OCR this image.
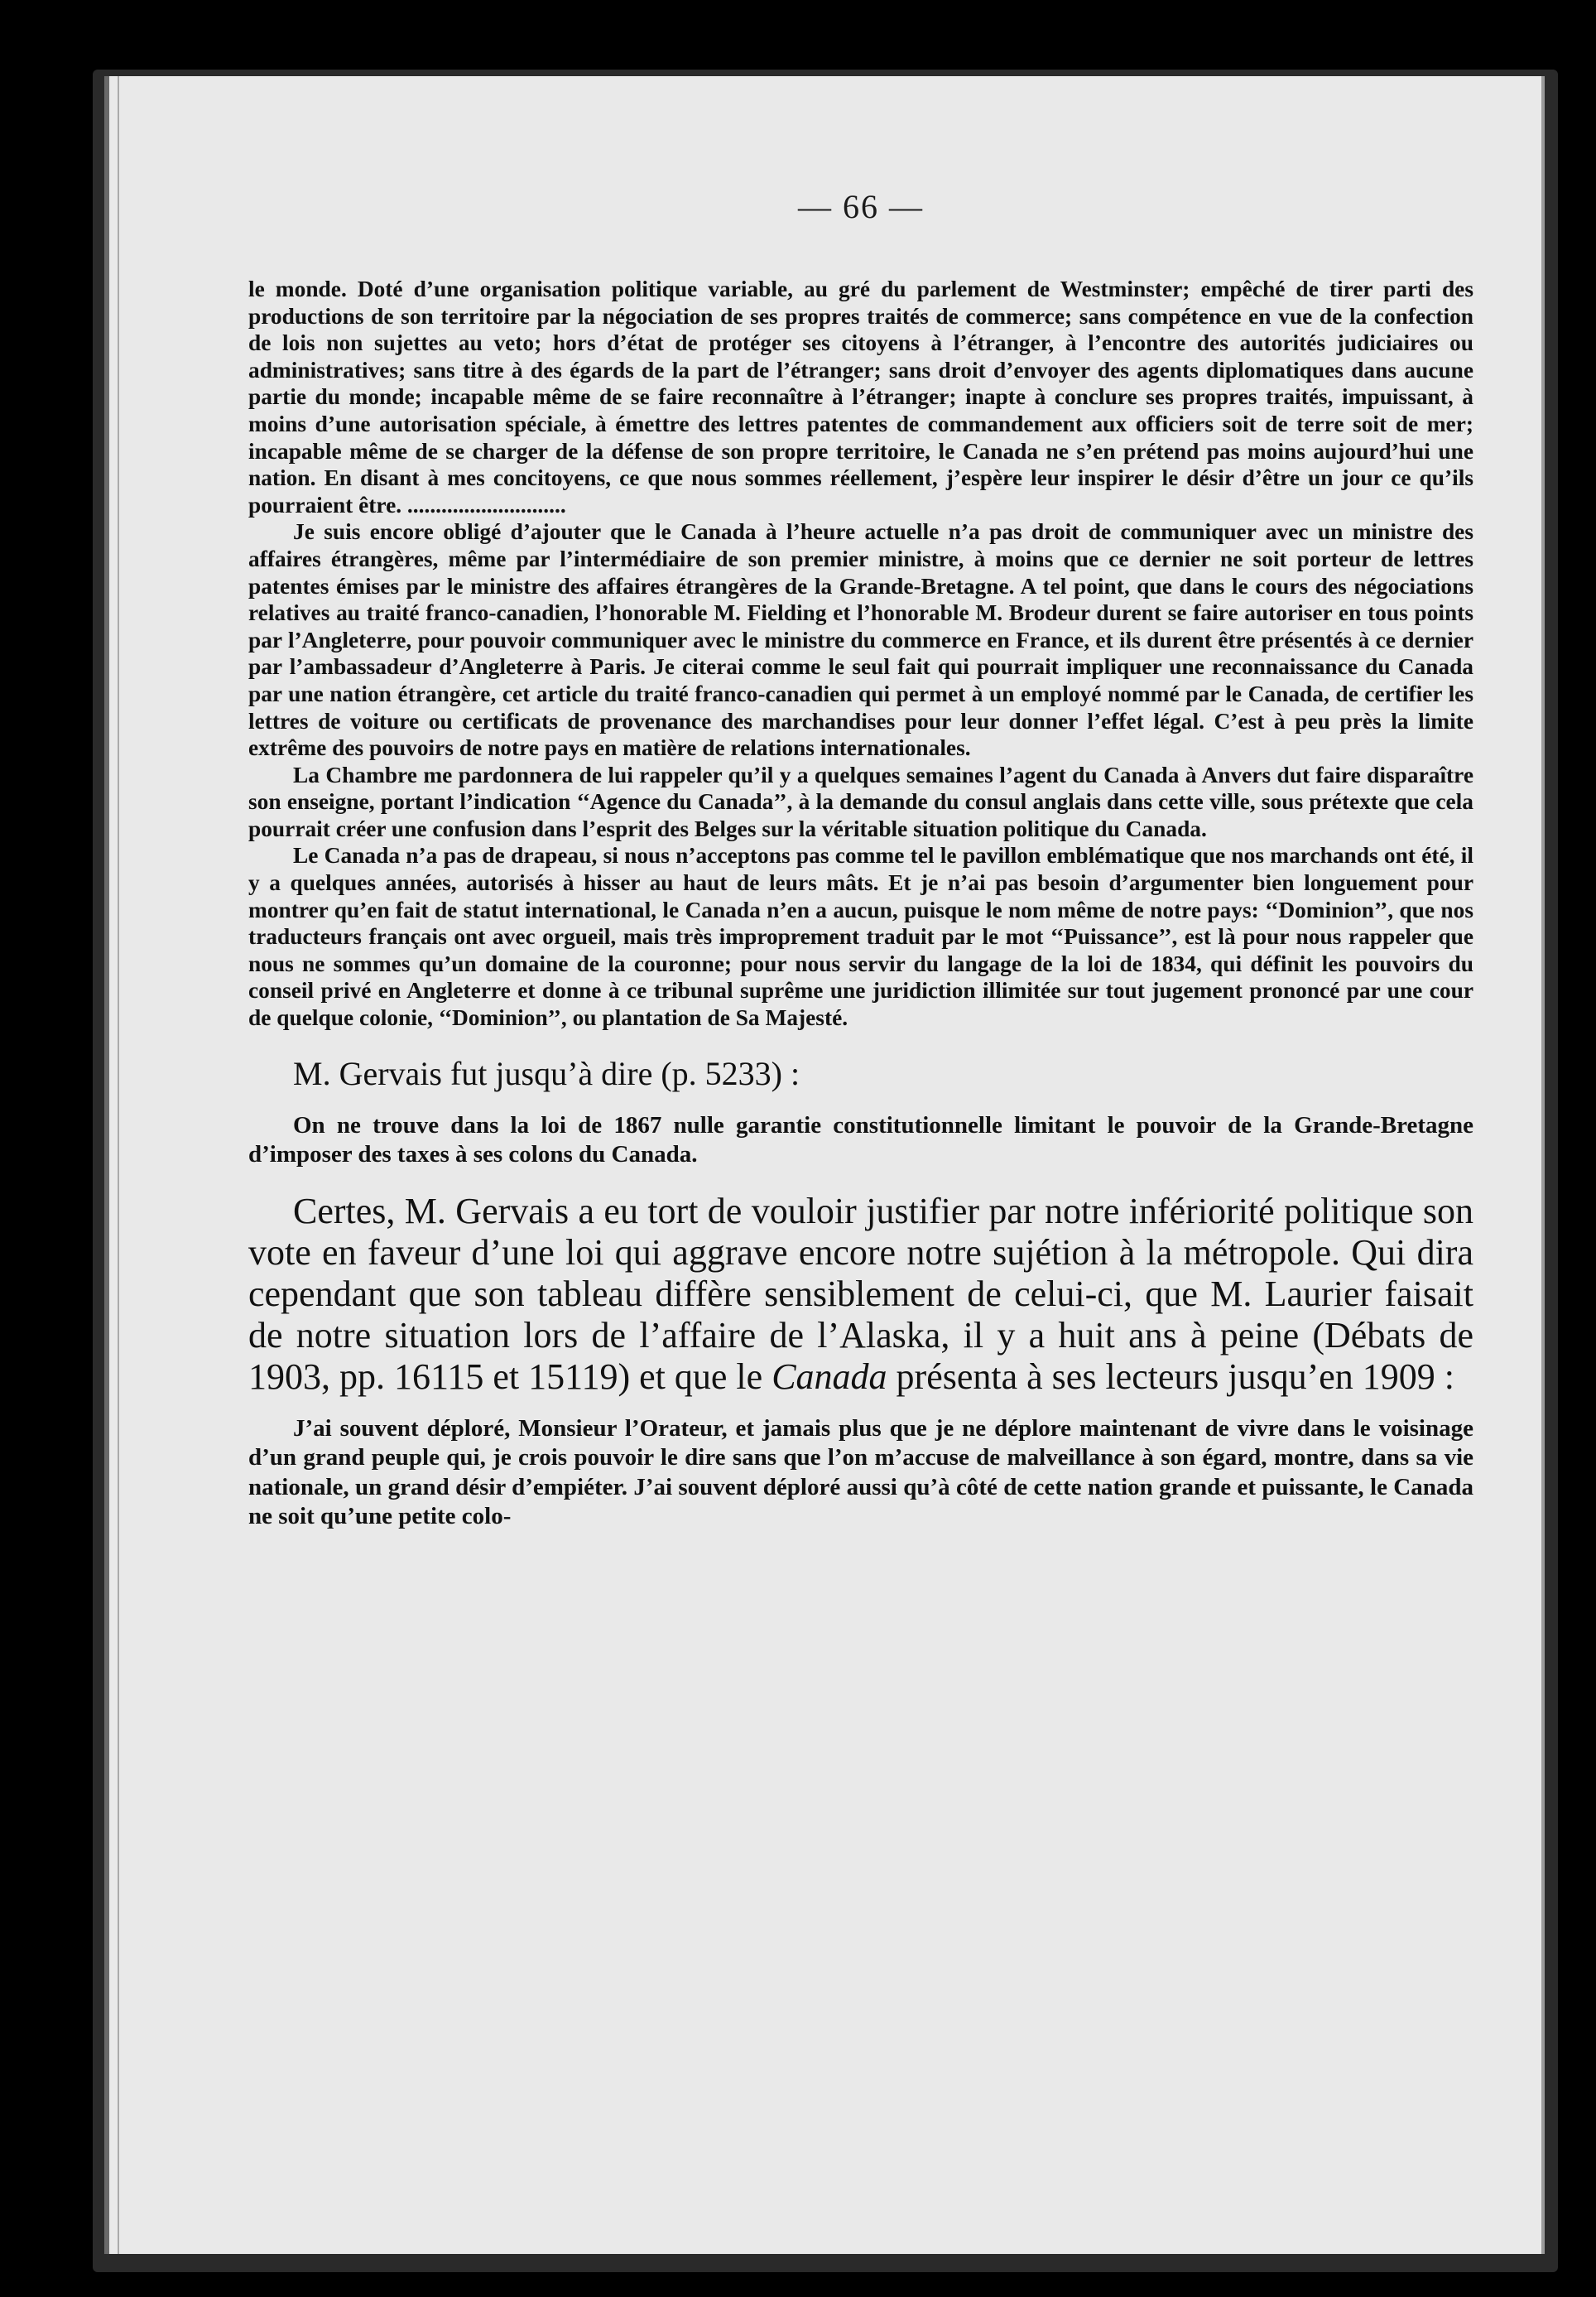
— 66 —

le monde. Doté d’une organisation politique variable, au gré du parlement de Westminster; empêché de tirer parti des productions de son territoire par la négociation de ses propres traités de commerce; sans compétence en vue de la confection de lois non sujettes au veto; hors d’état de protéger ses citoyens à l’étranger, à l’encontre des autorités judiciaires ou administratives; sans titre à des égards de la part de l’étranger; sans droit d’envoyer des agents diplomatiques dans aucune partie du monde; incapable même de se faire reconnaître à l’étranger; inapte à conclure ses propres traités, impuissant, à moins d’une autorisation spéciale, à émettre des lettres patentes de commandement aux officiers soit de terre soit de mer; incapable même de se charger de la défense de son propre territoire, le Canada ne s’en prétend pas moins aujourd’hui une nation. En disant à mes concitoyens, ce que nous sommes réellement, j’espère leur inspirer le désir d’être un jour ce qu’ils pourraient être. ............................

Je suis encore obligé d’ajouter que le Canada à l’heure actuelle n’a pas droit de communiquer avec un ministre des affaires étrangères, même par l’intermédiaire de son premier ministre, à moins que ce dernier ne soit porteur de lettres patentes émises par le ministre des affaires étrangères de la Grande-Bretagne. A tel point, que dans le cours des négociations relatives au traité franco-canadien, l’honorable M. Fielding et l’honorable M. Brodeur durent se faire autoriser en tous points par l’Angleterre, pour pouvoir communiquer avec le ministre du commerce en France, et ils durent être présentés à ce dernier par l’ambassadeur d’Angleterre à Paris. Je citerai comme le seul fait qui pourrait impliquer une reconnaissance du Canada par une nation étrangère, cet article du traité franco-canadien qui permet à un employé nommé par le Canada, de certifier les lettres de voiture ou certificats de provenance des marchandises pour leur donner l’effet légal. C’est à peu près la limite extrême des pouvoirs de notre pays en matière de relations internationales.

La Chambre me pardonnera de lui rappeler qu’il y a quelques semaines l’agent du Canada à Anvers dut faire disparaître son enseigne, portant l’indication ‘‘Agence du Canada’’, à la demande du consul anglais dans cette ville, sous prétexte que cela pourrait créer une confusion dans l’esprit des Belges sur la véritable situation politique du Canada.

Le Canada n’a pas de drapeau, si nous n’acceptons pas comme tel le pavillon emblématique que nos marchands ont été, il y a quelques années, autorisés à hisser au haut de leurs mâts. Et je n’ai pas besoin d’argumenter bien longuement pour montrer qu’en fait de statut international, le Canada n’en a aucun, puisque le nom même de notre pays: ‘‘Dominion’’, que nos traducteurs français ont avec orgueil, mais très improprement traduit par le mot ‘‘Puissance’’, est là pour nous rappeler que nous ne sommes qu’un domaine de la couronne; pour nous servir du langage de la loi de 1834, qui définit les pouvoirs du conseil privé en Angleterre et donne à ce tribunal suprême une juridiction illimitée sur tout jugement prononcé par une cour de quelque colonie, ‘‘Dominion’’, ou plantation de Sa Majesté.

M. Gervais fut jusqu’à dire (p. 5233) :

On ne trouve dans la loi de 1867 nulle garantie constitutionnelle limitant le pouvoir de la Grande-Bretagne d’imposer des taxes à ses colons du Canada.

Certes, M. Gervais a eu tort de vouloir justifier par notre infériorité politique son vote en faveur d’une loi qui aggrave encore notre sujétion à la métropole. Qui dira cependant que son tableau diffère sensiblement de celui-ci, que M. Laurier faisait de notre situation lors de l’affaire de l’Alaska, il y a huit ans à peine (Débats de 1903, pp. 16115 et 15119) et que le Canada présenta à ses lecteurs jusqu’en 1909 :

J’ai souvent déploré, Monsieur l’Orateur, et jamais plus que je ne déplore maintenant de vivre dans le voisinage d’un grand peuple qui, je crois pouvoir le dire sans que l’on m’accuse de malveillance à son égard, montre, dans sa vie nationale, un grand désir d’empiéter. J’ai souvent déploré aussi qu’à côté de cette nation grande et puissante, le Canada ne soit qu’une petite colo-
